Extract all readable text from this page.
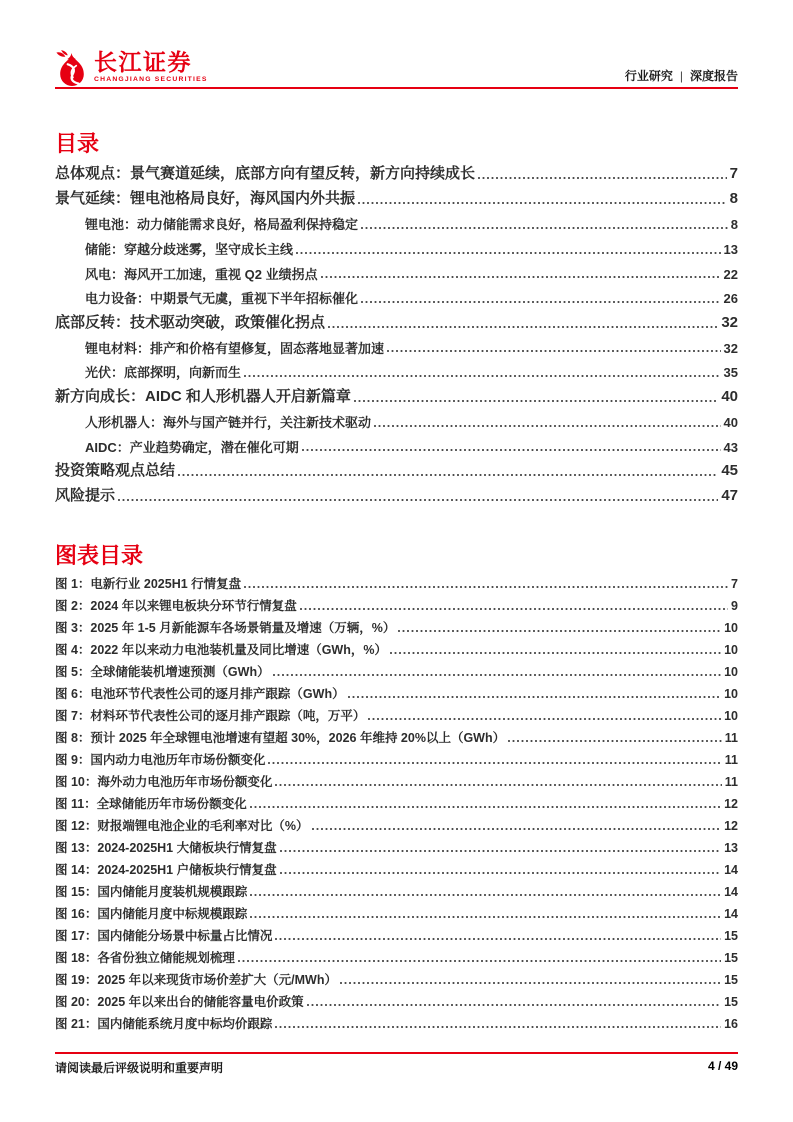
长江证券
CHANGJIANG SECURITIES	行业研究 | 深度报告
目录
总体观点：景气赛道延续，底部方向有望反转，新方向持续成长	7
景气延续：锂电池格局良好，海风国内外共振	8
锂电池：动力储能需求良好，格局盈利保持稳定	8
储能：穿越分歧迷雾，坚守成长主线	13
风电：海风开工加速，重视 Q2 业绩拐点	22
电力设备：中期景气无虞，重视下半年招标催化	26
底部反转：技术驱动突破，政策催化拐点	32
锂电材料：排产和价格有望修复，固态落地显著加速	32
光伏：底部探明，向新而生	35
新方向成长：AIDC 和人形机器人开启新篇章	40
人形机器人：海外与国产链并行，关注新技术驱动	40
AIDC：产业趋势确定，潜在催化可期	43
投资策略观点总结	45
风险提示	47
图表目录
图 1：电新行业 2025H1 行情复盘	7
图 2：2024 年以来锂电板块分环节行情复盘	9
图 3：2025 年 1-5 月新能源车各场景销量及增速（万辆，%）	10
图 4：2022 年以来动力电池装机量及同比增速（GWh，%）	10
图 5：全球储能装机增速预测（GWh）	10
图 6：电池环节代表性公司的逐月排产跟踪（GWh）	10
图 7：材料环节代表性公司的逐月排产跟踪（吨，万平）	10
图 8：预计 2025 年全球锂电池增速有望超 30%，2026 年维持 20%以上（GWh）	11
图 9：国内动力电池历年市场份额变化	11
图 10：海外动力电池历年市场份额变化	11
图 11：全球储能历年市场份额变化	12
图 12：财报端锂电池企业的毛利率对比（%）	12
图 13：2024-2025H1 大储板块行情复盘	13
图 14：2024-2025H1 户储板块行情复盘	14
图 15：国内储能月度装机规模跟踪	14
图 16：国内储能月度中标规模跟踪	14
图 17：国内储能分场景中标量占比情况	15
图 18：各省份独立储能规划梳理	15
图 19：2025 年以来现货市场价差扩大（元/MWh）	15
图 20：2025 年以来出台的储能容量电价政策	15
图 21：国内储能系统月度中标均价跟踪	16
请阅读最后评级说明和重要声明	4 / 49
